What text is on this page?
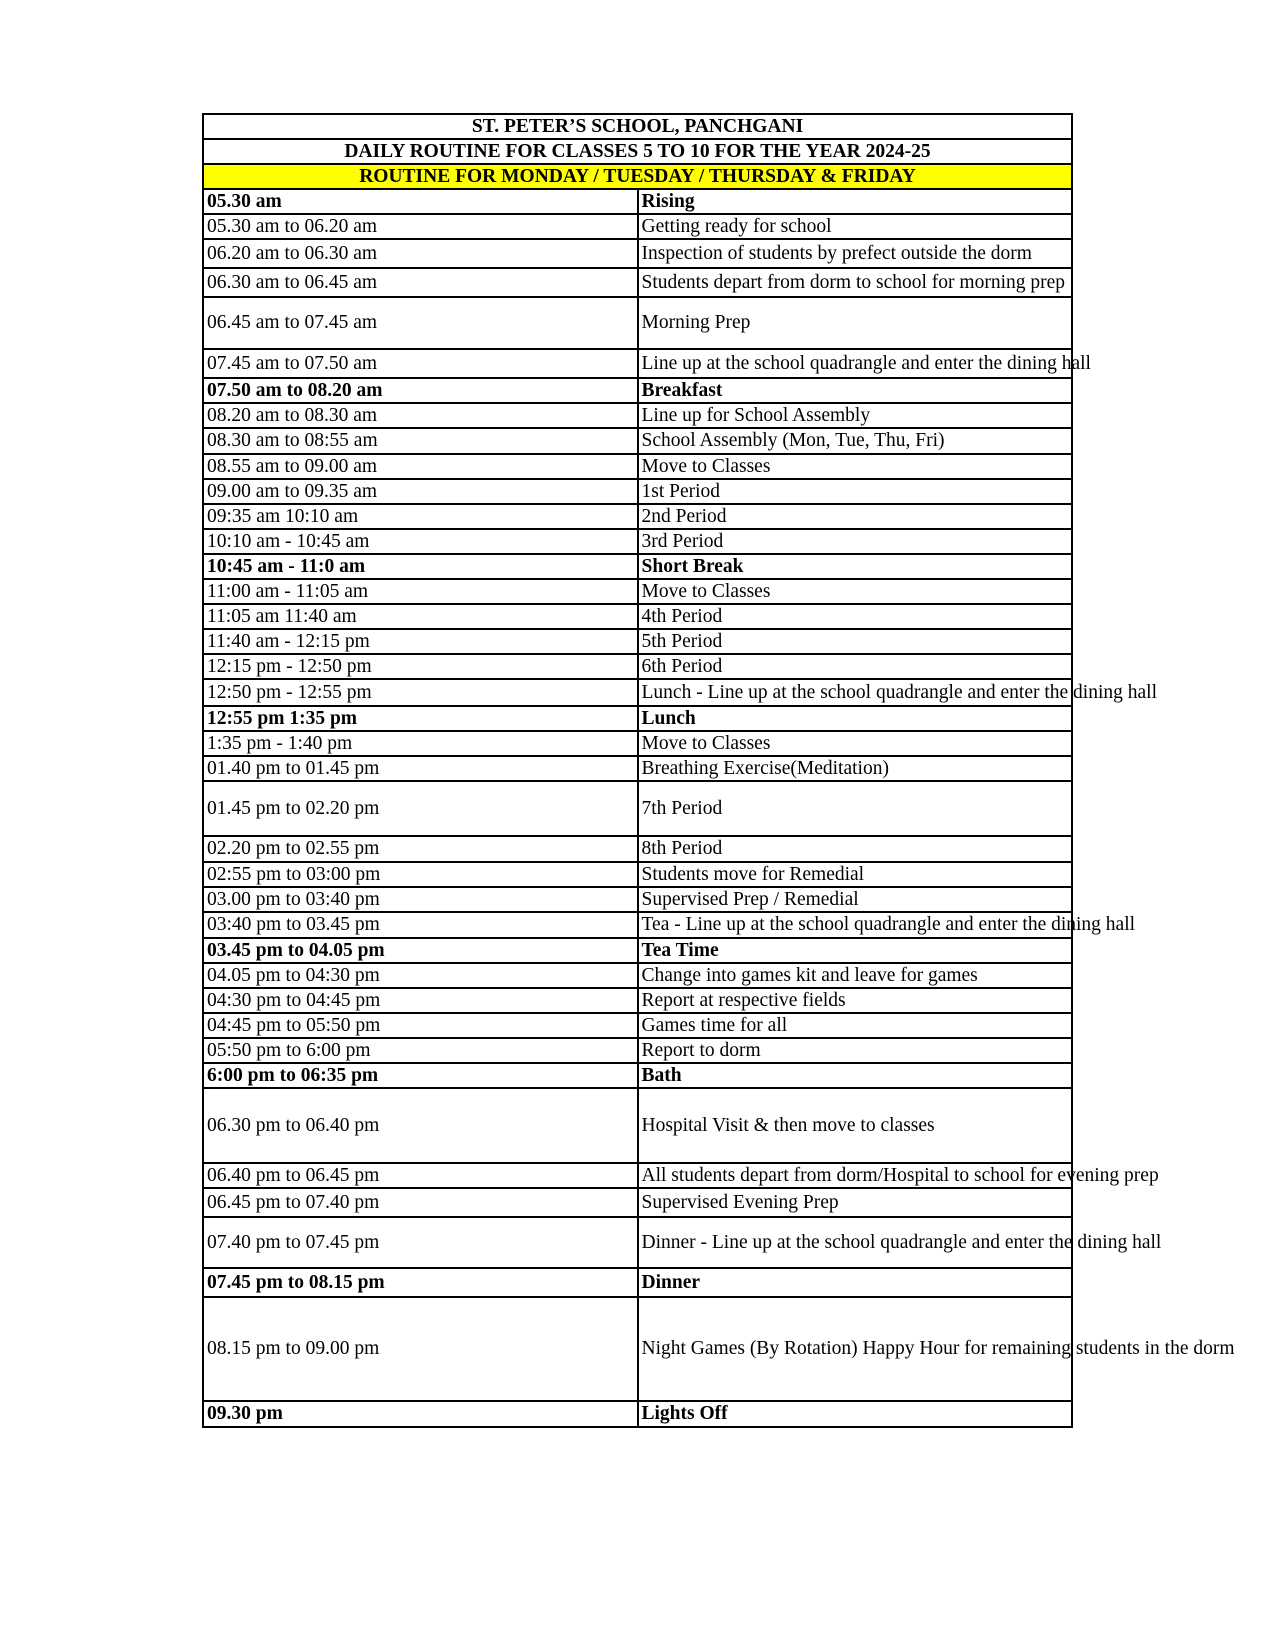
ST. PETER’S SCHOOL, PANCHGANI	
DAILY ROUTINE FOR CLASSES 5 TO 10 FOR THE YEAR 2024-25	
ROUTINE FOR MONDAY / TUESDAY / THURSDAY & FRIDAY	
05.30 am	Rising
05.30 am to 06.20 am	Getting ready for school
06.20 am to 06.30 am	Inspection of students by prefect outside the dorm
06.30 am to 06.45 am	Students depart from dorm to school for morning prep
06.45 am to 07.45 am	Morning Prep
07.45 am to 07.50 am	Line up at the school quadrangle and enter the dining hall
07.50 am to 08.20 am	Breakfast
08.20 am to 08.30 am	Line up for School Assembly
08.30 am to 08:55 am	School Assembly (Mon, Tue, Thu, Fri)
08.55 am to 09.00 am	Move to Classes
09.00 am to 09.35 am	1st Period
09:35 am 10:10 am	2nd Period
10:10 am - 10:45 am	3rd Period
10:45 am - 11:0 am	Short Break
11:00 am - 11:05 am	Move to Classes
11:05 am 11:40 am	4th Period
11:40 am - 12:15 pm	5th Period
12:15 pm - 12:50 pm	6th Period
12:50 pm - 12:55 pm	Lunch - Line up at the school quadrangle and enter the dining hall
12:55 pm 1:35 pm	Lunch
1:35 pm - 1:40 pm	Move to Classes
01.40 pm to 01.45 pm	Breathing Exercise(Meditation)
01.45 pm to 02.20 pm	7th Period
02.20 pm to 02.55 pm	8th Period
02:55 pm to 03:00 pm	Students move for Remedial
03.00 pm to 03:40 pm	Supervised Prep / Remedial
03:40 pm to 03.45 pm	Tea - Line up at the school quadrangle and enter the dining hall
03.45 pm to 04.05 pm	Tea Time
04.05 pm to 04:30 pm	Change into games kit and leave for games
04:30 pm to 04:45 pm	Report at respective fields
04:45 pm to 05:50 pm	Games time for all
05:50 pm to 6:00 pm	Report to dorm
6:00 pm to 06:35 pm	Bath
06.30 pm to 06.40 pm	Hospital Visit & then move to classes
06.40 pm to 06.45 pm	All students depart from dorm/Hospital to school for evening prep
06.45 pm to 07.40 pm	Supervised Evening Prep
07.40 pm to 07.45 pm	Dinner - Line up at the school quadrangle and enter the dining hall
07.45 pm to 08.15 pm	Dinner
08.15 pm to 09.00 pm	Night Games (By Rotation) Happy Hour for remaining students in the dorm
09.30 pm	Lights Off
